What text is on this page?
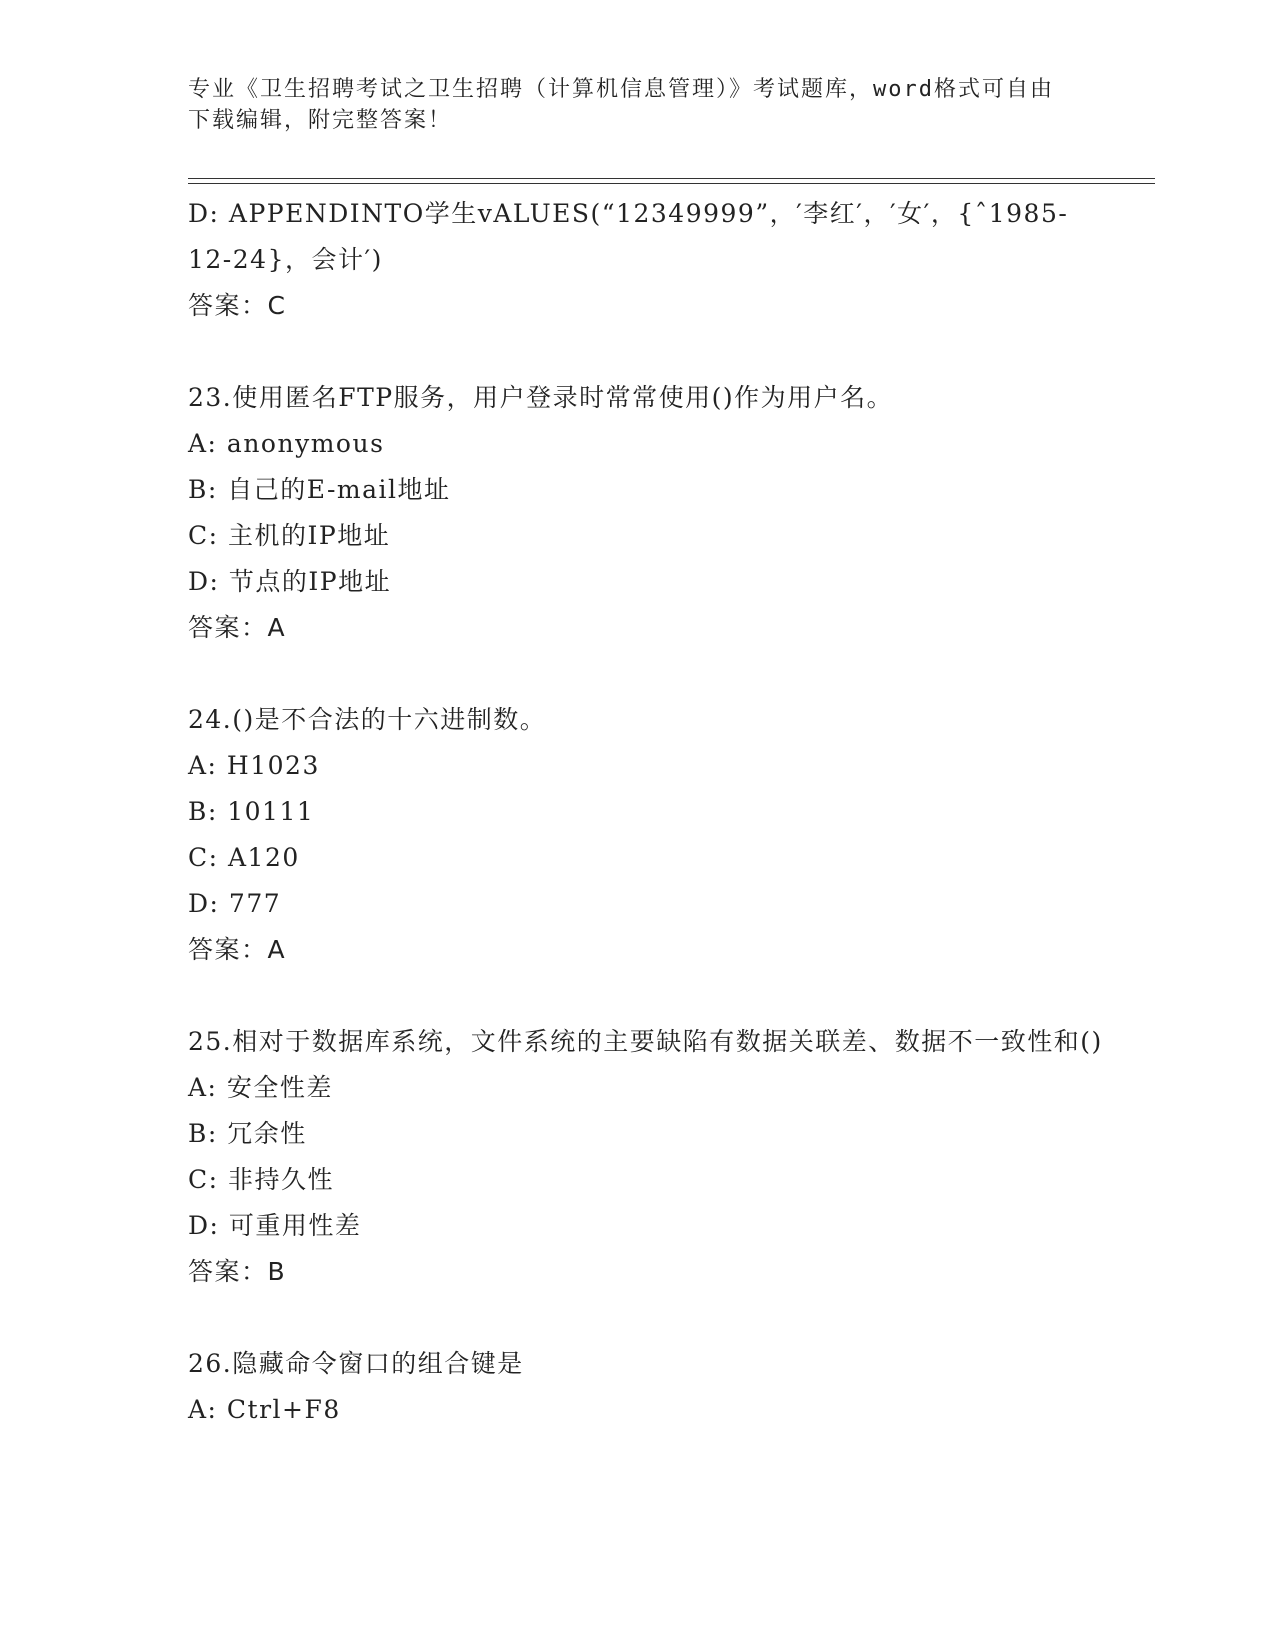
专业《卫生招聘考试之卫生招聘（计算机信息管理）》考试题库，word格式可自由下载编辑，附完整答案！
D: APPENDINTO学生vALUES(“12349999”，′李红′，′女′，{ˆ1985-12-24}，会计′)
答案：C
23.使用匿名FTP服务，用户登录时常常使用()作为用户名。
A: anonymous
B: 自己的E-mail地址
C: 主机的IP地址
D: 节点的IP地址
答案：A
24.()是不合法的十六进制数。
A: H1023
B: 10111
C: A120
D: 777
答案：A
25.相对于数据库系统，文件系统的主要缺陷有数据关联差、数据不一致性和()
A: 安全性差
B: 冗余性
C: 非持久性
D: 可重用性差
答案：B
26.隐藏命令窗口的组合键是
A: Ctrl+F8
